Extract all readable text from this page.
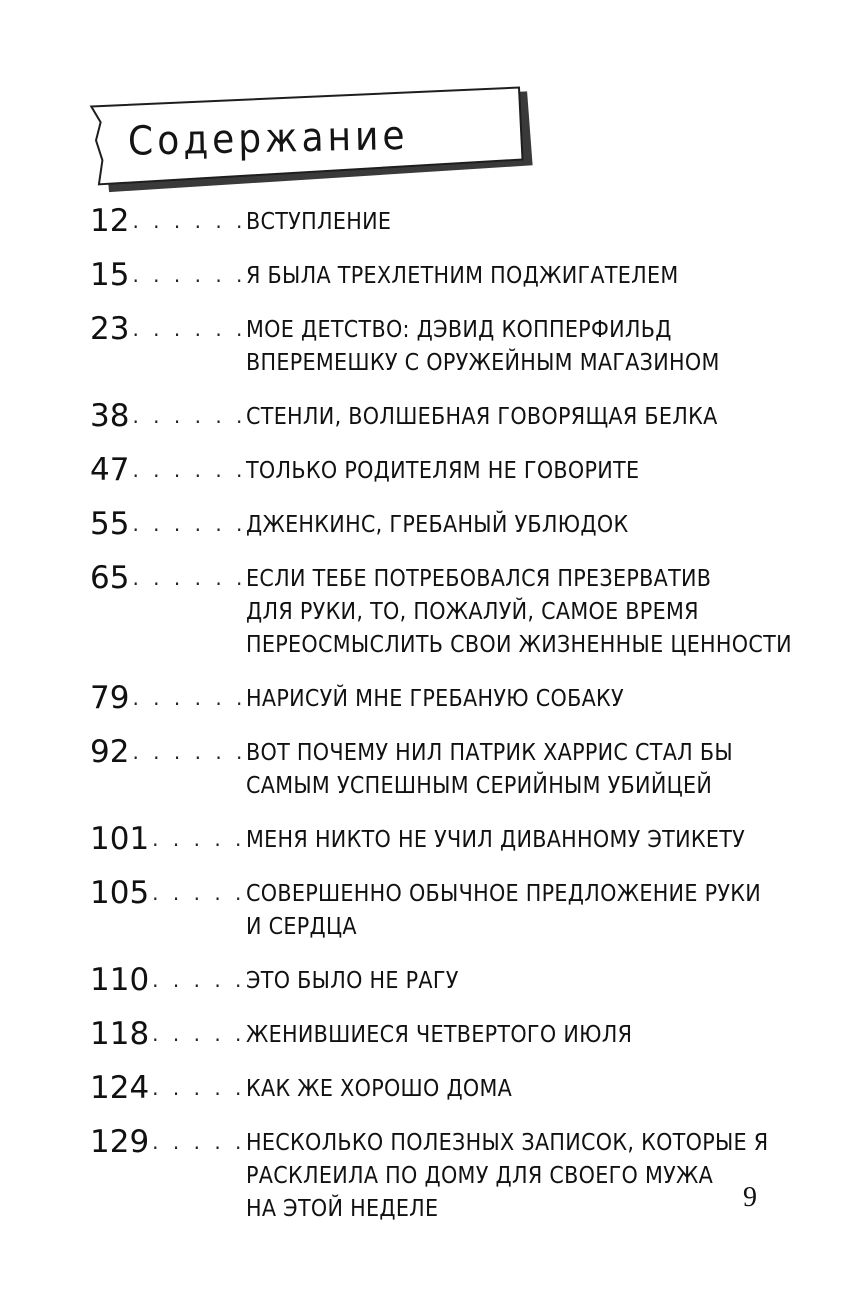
Содержание
12 . . . . . . ВСТУПЛЕНИЕ
15 . . . . . . Я БЫЛА ТРЕХЛЕТНИМ ПОДЖИГАТЕЛЕМ
23 . . . . . . МОЕ ДЕТСТВО: ДЭВИД КОППЕРФИЛЬД
ВПЕРЕМЕШКУ С ОРУЖЕЙНЫМ МАГАЗИНОМ
38 . . . . . . СТЕНЛИ, ВОЛШЕБНАЯ ГОВОРЯЩАЯ БЕЛКА
47 . . . . . . ТОЛЬКО РОДИТЕЛЯМ НЕ ГОВОРИТЕ
55 . . . . . . ДЖЕНКИНС, ГРЕБАНЫЙ УБЛЮДОК
65 . . . . . . ЕСЛИ ТЕБЕ ПОТРЕБОВАЛСЯ ПРЕЗЕРВАТИВ
ДЛЯ РУКИ, ТО, ПОЖАЛУЙ, САМОЕ ВРЕМЯ
ПЕРЕОСМЫСЛИТЬ СВОИ ЖИЗНЕННЫЕ ЦЕННОСТИ
79 . . . . . . НАРИСУЙ МНЕ ГРЕБАНУЮ СОБАКУ
92 . . . . . . ВОТ ПОЧЕМУ НИЛ ПАТРИК ХАРРИС СТАЛ БЫ
САМЫМ УСПЕШНЫМ СЕРИЙНЫМ УБИЙЦЕЙ
101 . . . . . МЕНЯ НИКТО НЕ УЧИЛ ДИВАННОМУ ЭТИКЕТУ
105 . . . . . СОВЕРШЕННО ОБЫЧНОЕ ПРЕДЛОЖЕНИЕ РУКИ
И СЕРДЦА
110 . . . . . ЭТО БЫЛО НЕ РАГУ
118 . . . . . ЖЕНИВШИЕСЯ ЧЕТВЕРТОГО ИЮЛЯ
124 . . . . . КАК ЖЕ ХОРОШО ДОМА
129 . . . . . НЕСКОЛЬКО ПОЛЕЗНЫХ ЗАПИСОК, КОТОРЫЕ Я
РАСКЛЕИЛА ПО ДОМУ ДЛЯ СВОЕГО МУЖА
НА ЭТОЙ НЕДЕЛЕ	9
